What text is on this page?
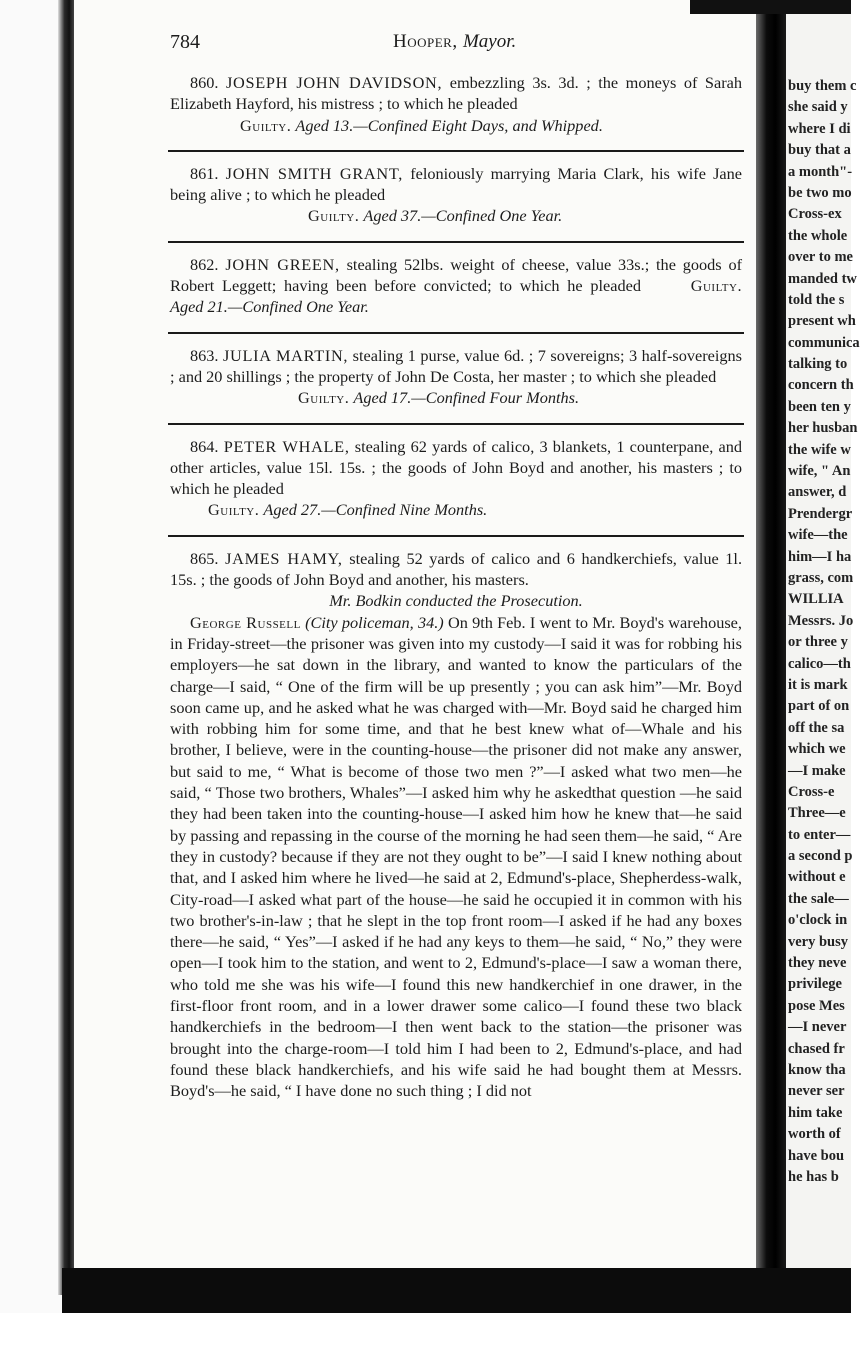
784	Hooper, Mayor.

860. JOSEPH JOHN DAVIDSON, embezzling 3s. 3d. ; the moneys of Sarah Elizabeth Hayford, his mistress ; to which he pleaded

Guilty. Aged 13.—Confined Eight Days, and Whipped.

861. JOHN SMITH GRANT, feloniously marrying Maria Clark, his wife Jane being alive ; to which he pleaded

Guilty. Aged 37.—Confined One Year.

862. JOHN GREEN, stealing 52lbs. weight of cheese, value 33s.; the goods of Robert Leggett; having been before convicted; to which he pleaded	Guilty. Aged 21.—Confined One Year.

863. JULIA MARTIN, stealing 1 purse, value 6d. ; 7 sovereigns; 3 half-sovereigns ; and 20 shillings ; the property of John De Costa, her master ; to which she pleaded

Guilty. Aged 17.—Confined Four Months.

864. PETER WHALE, stealing 62 yards of calico, 3 blankets, 1 counterpane, and other articles, value 15l. 15s. ; the goods of John Boyd and another, his masters ; to which he pleaded

Guilty. Aged 27.—Confined Nine Months.

865. JAMES HAMY, stealing 52 yards of calico and 6 handkerchiefs, value 1l. 15s. ; the goods of John Boyd and another, his masters.

Mr. Bodkin conducted the Prosecution.

George Russell (City policeman, 34.) On 9th Feb. I went to Mr. Boyd's warehouse, in Friday-street—the prisoner was given into my custody—I said it was for robbing his employers—he sat down in the library, and wanted to know the particulars of the charge—I said, “ One of the firm will be up presently ; you can ask him”—Mr. Boyd soon came up, and he asked what he was charged with—Mr. Boyd said he charged him with robbing him for some time, and that he best knew what of—Whale and his brother, I believe, were in the counting-house—the prisoner did not make any answer, but said to me, “ What is become of those two men ?”—I asked what two men—he said, “ Those two brothers, Whales”—I asked him why he askedthat question —he said they had been taken into the counting-house—I asked him how he knew that—he said by passing and repassing in the course of the morning he had seen them—he said, “ Are they in custody? because if they are not they ought to be”—I said I knew nothing about that, and I asked him where he lived—he said at 2, Edmund's-place, Shepherdess-walk, City-road—I asked what part of the house—he said he occupied it in common with his two brother's-in-law ; that he slept in the top front room—I asked if he had any boxes there—he said, “ Yes”—I asked if he had any keys to them—he said, “ No,” they were open—I took him to the station, and went to 2, Edmund's-place—I saw a woman there, who told me she was his wife—I found this new handkerchief in one drawer, in the first-floor front room, and in a lower drawer some calico—I found these two black handkerchiefs in the bedroom—I then went back to the station—the prisoner was brought into the charge-room—I told him I had been to 2, Edmund's-place, and had found these black handkerchiefs, and his wife said he had bought them at Messrs. Boyd's—he said, “ I have done no such thing ; I did not

buy them c
she said y
where I di
buy that a
a month"-
be two mo
Cross-ex
the whole
over to me
manded tw
told the s
present wh
communica
talking to
concern th
been ten y
her husban
the wife w
wife, " An
answer, d
Prendergr
wife—the
him—I ha
grass, com
WILLIA
Messrs. Jo
or three y
calico—th
it is mark
part of on
off the sa
which we
—I make
Cross-e
Three—e
to enter—
a second p
without e
the sale—
o'clock in
very busy
they neve
privilege
pose Mes
—I never
chased fr
know tha
never ser
him take
worth of
have bou
he has b
